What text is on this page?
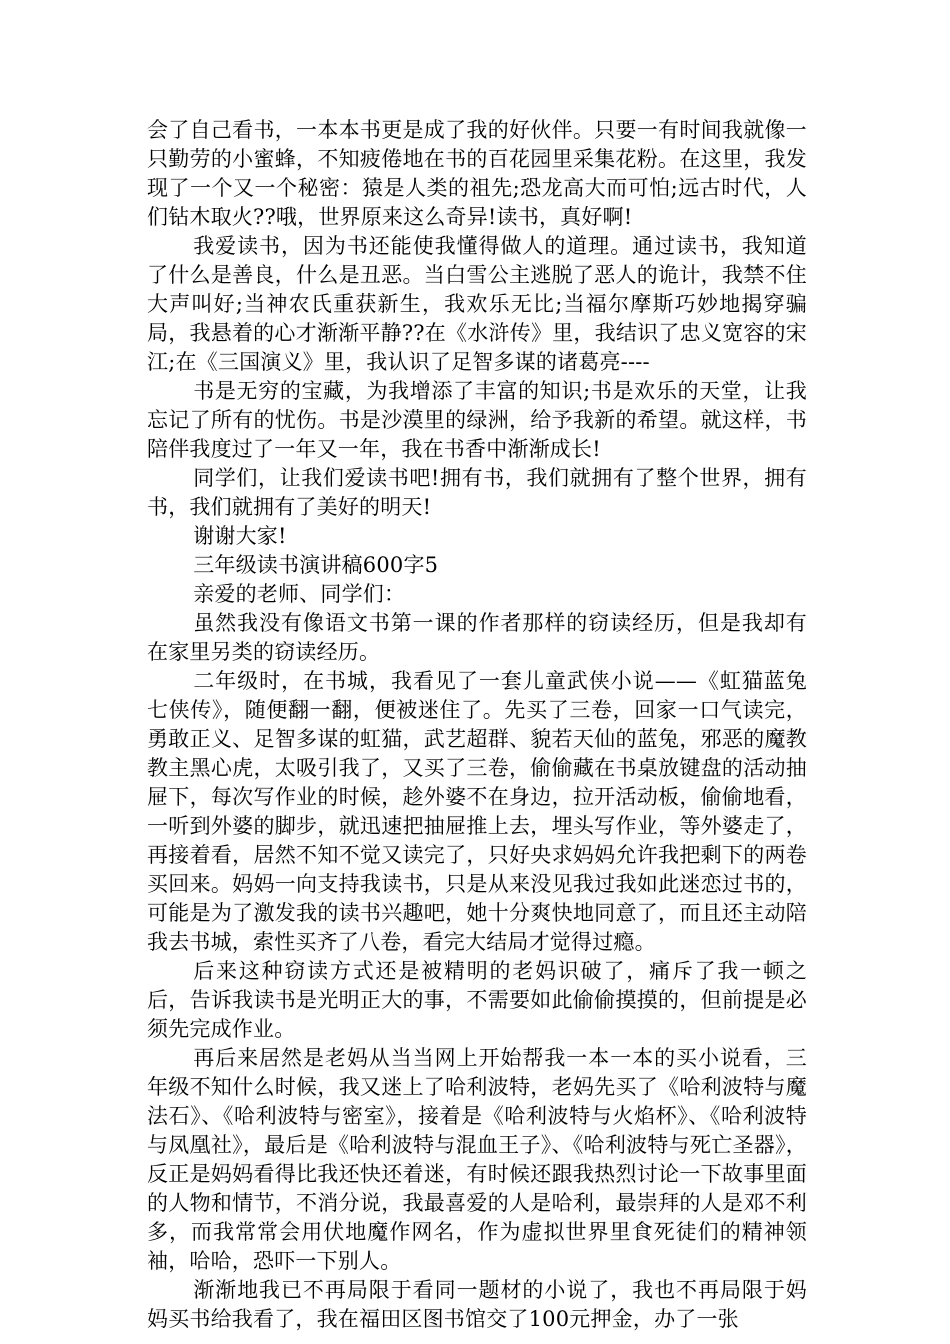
会了自己看书，一本本书更是成了我的好伙伴。只要一有时间我就像一只勤劳的小蜜蜂，不知疲倦地在书的百花园里采集花粉。在这里，我发现了一个又一个秘密：猿是人类的祖先;恐龙高大而可怕;远古时代，人们钻木取火??哦，世界原来这么奇异!读书，真好啊!

我爱读书，因为书还能使我懂得做人的道理。通过读书，我知道了什么是善良，什么是丑恶。当白雪公主逃脱了恶人的诡计，我禁不住大声叫好;当神农氏重获新生，我欢乐无比;当福尔摩斯巧妙地揭穿骗局，我悬着的心才渐渐平静??在《水浒传》里，我结识了忠义宽容的宋江;在《三国演义》里，我认识了足智多谋的诸葛亮----

书是无穷的宝藏，为我增添了丰富的知识;书是欢乐的天堂，让我忘记了所有的忧伤。书是沙漠里的绿洲，给予我新的希望。就这样，书陪伴我度过了一年又一年，我在书香中渐渐成长!

同学们，让我们爱读书吧!拥有书，我们就拥有了整个世界，拥有书，我们就拥有了美好的明天!

谢谢大家!

三年级读书演讲稿600字5

亲爱的老师、同学们：

虽然我没有像语文书第一课的作者那样的窃读经历，但是我却有在家里另类的窃读经历。

二年级时，在书城，我看见了一套儿童武侠小说——《虹猫蓝兔七侠传》，随便翻一翻，便被迷住了。先买了三卷，回家一口气读完，勇敢正义、足智多谋的虹猫，武艺超群、貌若天仙的蓝兔，邪恶的魔教教主黑心虎，太吸引我了，又买了三卷，偷偷藏在书桌放键盘的活动抽屉下，每次写作业的时候，趁外婆不在身边，拉开活动板，偷偷地看，一听到外婆的脚步，就迅速把抽屉推上去，埋头写作业，等外婆走了，再接着看，居然不知不觉又读完了，只好央求妈妈允许我把剩下的两卷买回来。妈妈一向支持我读书，只是从来没见我过我如此迷恋过书的，可能是为了激发我的读书兴趣吧，她十分爽快地同意了，而且还主动陪我去书城，索性买齐了八卷，看完大结局才觉得过瘾。

后来这种窃读方式还是被精明的老妈识破了，痛斥了我一顿之后，告诉我读书是光明正大的事，不需要如此偷偷摸摸的，但前提是必须先完成作业。

再后来居然是老妈从当当网上开始帮我一本一本的买小说看，三年级不知什么时候，我又迷上了哈利波特，老妈先买了《哈利波特与魔法石》、《哈利波特与密室》，接着是《哈利波特与火焰杯》、《哈利波特与凤凰社》，最后是《哈利波特与混血王子》、《哈利波特与死亡圣器》，反正是妈妈看得比我还快还着迷，有时候还跟我热烈讨论一下故事里面的人物和情节，不消分说，我最喜爱的人是哈利，最崇拜的人是邓不利多，而我常常会用伏地魔作网名，作为虚拟世界里食死徒们的精神领袖，哈哈，恐吓一下别人。

渐渐地我已不再局限于看同一题材的小说了，我也不再局限于妈妈买书给我看了，我在福田区图书馆交了100元押金，办了一张
